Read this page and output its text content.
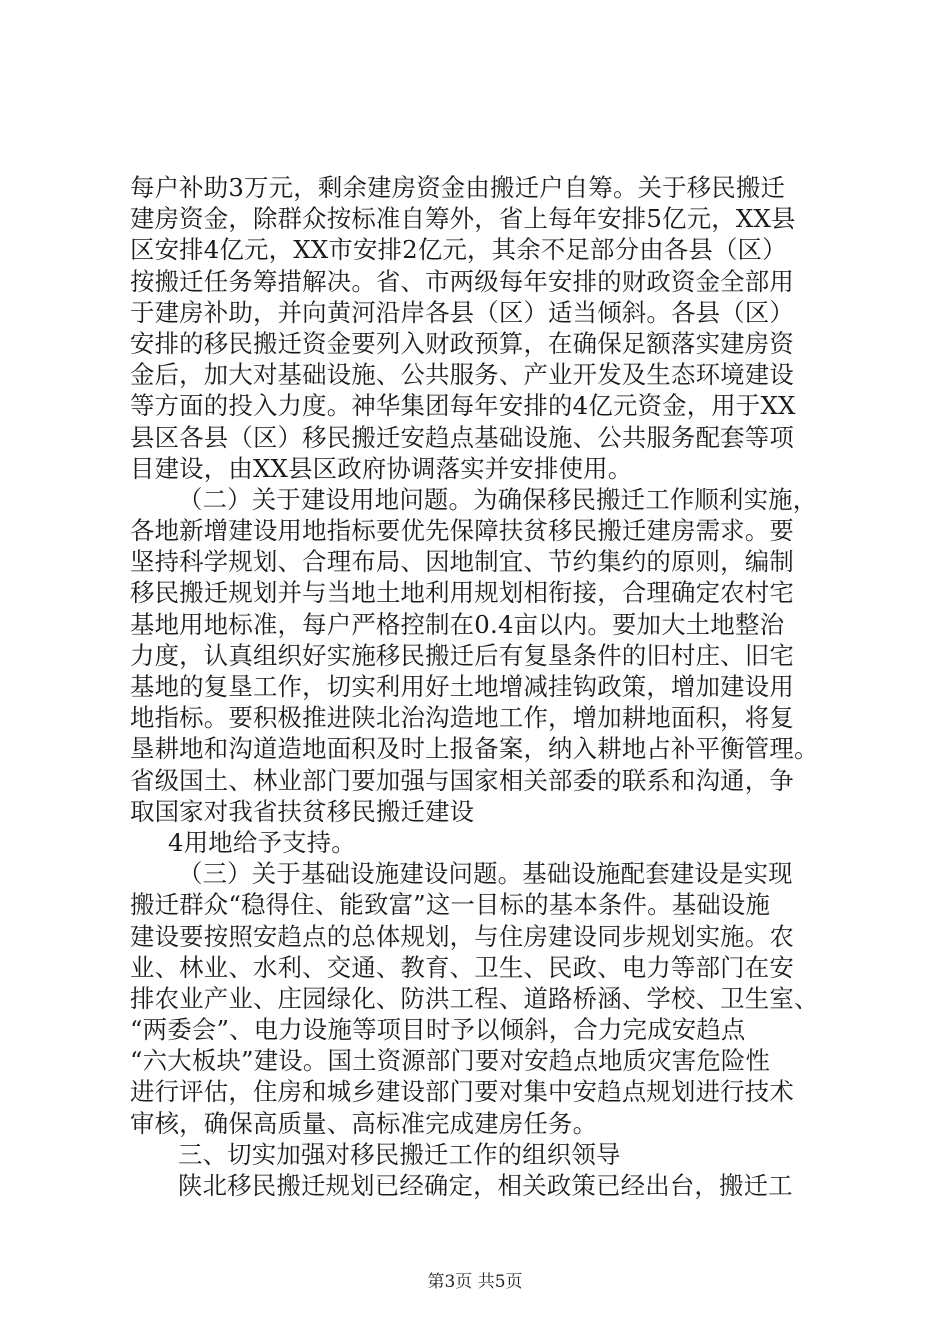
每户补助3万元，剩余建房资金由搬迁户自筹。关于移民搬迁
建房资金，除群众按标准自筹外，省上每年安排5亿元，XX县
区安排4亿元，XX市安排2亿元，其余不足部分由各县（区）
按搬迁任务筹措解决。省、市两级每年安排的财政资金全部用
于建房补助，并向黄河沿岸各县（区）适当倾斜。各县（区）
安排的移民搬迁资金要列入财政预算，在确保足额落实建房资
金后，加大对基础设施、公共服务、产业开发及生态环境建设
等方面的投入力度。神华集团每年安排的4亿元资金，用于XX
县区各县（区）移民搬迁安趋点基础设施、公共服务配套等项
目建设，由XX县区政府协调落实并安排使用。
（二）关于建设用地问题。为确保移民搬迁工作顺利实施，
各地新增建设用地指标要优先保障扶贫移民搬迁建房需求。要
坚持科学规划、合理布局、因地制宜、节约集约的原则，编制
移民搬迁规划并与当地土地利用规划相衔接，合理确定农村宅
基地用地标准，每户严格控制在0.4亩以内。要加大土地整治
力度，认真组织好实施移民搬迁后有复垦条件的旧村庄、旧宅
基地的复垦工作，切实利用好土地增减挂钩政策，增加建设用
地指标。要积极推进陕北治沟造地工作，增加耕地面积，将复
垦耕地和沟道造地面积及时上报备案，纳入耕地占补平衡管理。
省级国土、林业部门要加强与国家相关部委的联系和沟通，争
取国家对我省扶贫移民搬迁建设
4用地给予支持。
（三）关于基础设施建设问题。基础设施配套建设是实现
搬迁群众“稳得住、能致富”这一目标的基本条件。基础设施
建设要按照安趋点的总体规划，与住房建设同步规划实施。农
业、林业、水利、交通、教育、卫生、民政、电力等部门在安
排农业产业、庄园绿化、防洪工程、道路桥涵、学校、卫生室、
“两委会”、电力设施等项目时予以倾斜，合力完成安趋点
“六大板块”建设。国土资源部门要对安趋点地质灾害危险性
进行评估，住房和城乡建设部门要对集中安趋点规划进行技术
审核，确保高质量、高标准完成建房任务。
三、切实加强对移民搬迁工作的组织领导
陕北移民搬迁规划已经确定，相关政策已经出台，搬迁工
第3页 共5页
